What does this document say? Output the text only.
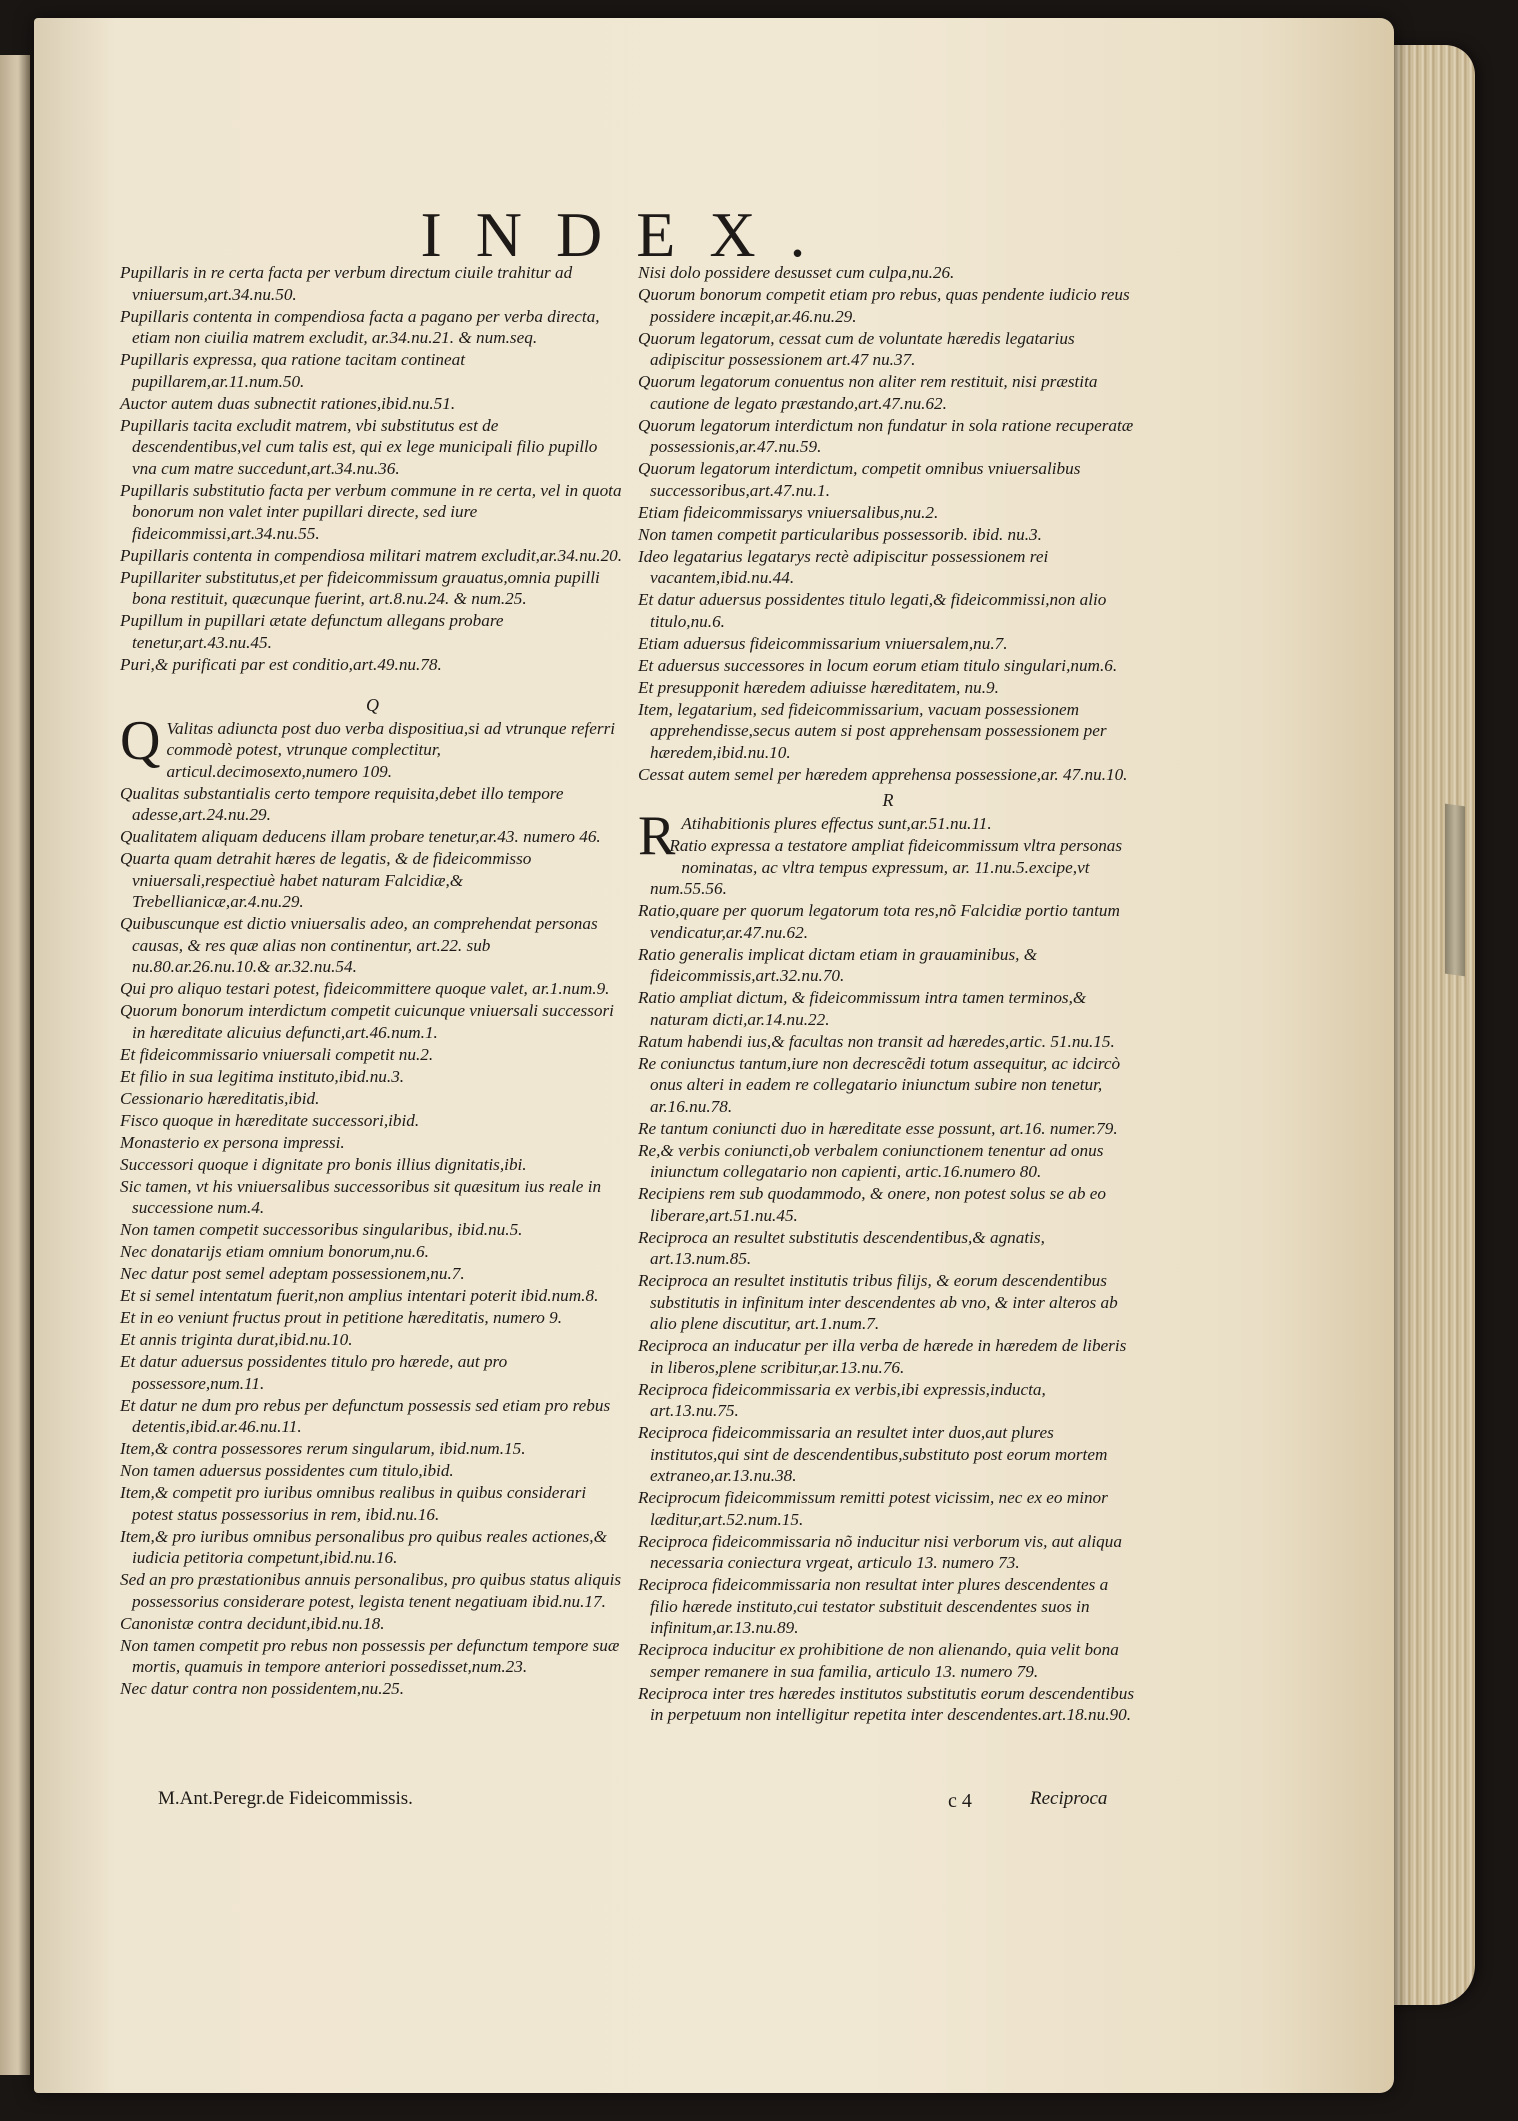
INDEX.

Pupillaris in re certa facta per verbum directum ciuile trahitur ad vniuersum,art.34.nu.50.

Pupillaris contenta in compendiosa facta a pagano per verba directa, etiam non ciuilia matrem excludit, ar.34.nu.21. & num.seq.

Pupillaris expressa, qua ratione tacitam contineat pupillarem,ar.11.num.50.

Auctor autem duas subnectit rationes,ibid.nu.51.

Pupillaris tacita excludit matrem, vbi substitutus est de descendentibus,vel cum talis est, qui ex lege municipali filio pupillo vna cum matre succedunt,art.34.nu.36.

Pupillaris substitutio facta per verbum commune in re certa, vel in quota bonorum non valet inter pupillari directe, sed iure fideicommissi,art.34.nu.55.

Pupillaris contenta in compendiosa militari matrem excludit,ar.34.nu.20.

Pupillariter substitutus,et per fideicommissum grauatus,omnia pupilli bona restituit, quæcunque fuerint, art.8.nu.24. & num.25.

Pupillum in pupillari ætate defunctum allegans probare tenetur,art.43.nu.45.

Puri,& purificati par est conditio,art.49.nu.78.

Q

Q Valitas adiuncta post duo verba dispositiua,si ad vtrunque referri commodè potest, vtrunque complectitur, articul.decimosexto,numero 109.

Qualitas substantialis certo tempore requisita,debet illo tempore adesse,art.24.nu.29.

Qualitatem aliquam deducens illam probare tenetur,ar.43. numero 46.

Quarta quam detrahit hæres de legatis, & de fideicommisso vniuersali,respectiuè habet naturam Falcidiæ,& Trebellianicæ,ar.4.nu.29.

Quibuscunque est dictio vniuersalis adeo, an comprehendat personas causas, & res quæ alias non continentur, art.22. sub nu.80.ar.26.nu.10.& ar.32.nu.54.

Qui pro aliquo testari potest, fideicommittere quoque valet, ar.1.num.9.

Quorum bonorum interdictum competit cuicunque vniuersali successori in hæreditate alicuius defuncti,art.46.num.1.

Et fideicommissario vniuersali competit nu.2.

Et filio in sua legitima instituto,ibid.nu.3.

Cessionario hæreditatis,ibid.

Fisco quoque in hæreditate successori,ibid.

Monasterio ex persona impressi.

Successori quoque i dignitate pro bonis illius dignitatis,ibi.

Sic tamen, vt his vniuersalibus successoribus sit quæsitum ius reale in successione num.4.

Non tamen competit successoribus singularibus, ibid.nu.5.

Nec donatarijs etiam omnium bonorum,nu.6.

Nec datur post semel adeptam possessionem,nu.7.

Et si semel intentatum fuerit,non amplius intentari poterit ibid.num.8.

Et in eo veniunt fructus prout in petitione hæreditatis, numero 9.

Et annis triginta durat,ibid.nu.10.

Et datur aduersus possidentes titulo pro hærede, aut pro possessore,num.11.

Et datur ne dum pro rebus per defunctum possessis sed etiam pro rebus detentis,ibid.ar.46.nu.11.

Item,& contra possessores rerum singularum, ibid.num.15.

Non tamen aduersus possidentes cum titulo,ibid.

Item,& competit pro iuribus omnibus realibus in quibus considerari potest status possessorius in rem, ibid.nu.16.

Item,& pro iuribus omnibus personalibus pro quibus reales actiones,& iudicia petitoria competunt,ibid.nu.16.

Sed an pro præstationibus annuis personalibus, pro quibus status aliquis possessorius considerare potest, legista tenent negatiuam ibid.nu.17.

Canonistæ contra decidunt,ibid.nu.18.

Non tamen competit pro rebus non possessis per defunctum tempore suæ mortis, quamuis in tempore anteriori possedisset,num.23.

Nec datur contra non possidentem,nu.25.

Nisi dolo possidere desusset cum culpa,nu.26.

Quorum bonorum competit etiam pro rebus, quas pendente iudicio reus possidere incæpit,ar.46.nu.29.

Quorum legatorum, cessat cum de voluntate hæredis legatarius adipiscitur possessionem art.47 nu.37.

Quorum legatorum conuentus non aliter rem restituit, nisi præstita cautione de legato præstando,art.47.nu.62.

Quorum legatorum interdictum non fundatur in sola ratione recuperatæ possessionis,ar.47.nu.59.

Quorum legatorum interdictum, competit omnibus vniuersalibus successoribus,art.47.nu.1.

Etiam fideicommissarys vniuersalibus,nu.2.

Non tamen competit particularibus possessorib. ibid. nu.3.

Ideo legatarius legatarys rectè adipiscitur possessionem rei vacantem,ibid.nu.44.

Et datur aduersus possidentes titulo legati,& fideicommissi,non alio titulo,nu.6.

Etiam aduersus fideicommissarium vniuersalem,nu.7.

Et aduersus successores in locum eorum etiam titulo singulari,num.6.

Et presupponit hæredem adiuisse hæreditatem, nu.9.

Item, legatarium, sed fideicommissarium, vacuam possessionem apprehendisse,secus autem si post apprehensam possessionem per hæredem,ibid.nu.10.

Cessat autem semel per hæredem apprehensa possessione,ar. 47.nu.10.

R

R Atihabitionis plures effectus sunt,ar.51.nu.11.

Ratio expressa a testatore ampliat fideicommissum vltra personas nominatas, ac vltra tempus expressum, ar. 11.nu.5.excipe,vt num.55.56.

Ratio,quare per quorum legatorum tota res,nõ Falcidiæ portio tantum vendicatur,ar.47.nu.62.

Ratio generalis implicat dictam etiam in grauaminibus, & fideicommissis,art.32.nu.70.

Ratio ampliat dictum, & fideicommissum intra tamen terminos,& naturam dicti,ar.14.nu.22.

Ratum habendi ius,& facultas non transit ad hæredes,artic. 51.nu.15.

Re coniunctus tantum,iure non decrescẽdi totum assequitur, ac idcircò onus alteri in eadem re collegatario iniunctum subire non tenetur, ar.16.nu.78.

Re tantum coniuncti duo in hæreditate esse possunt, art.16. numer.79.

Re,& verbis coniuncti,ob verbalem coniunctionem tenentur ad onus iniunctum collegatario non capienti, artic.16.numero 80.

Recipiens rem sub quodammodo, & onere, non potest solus se ab eo liberare,art.51.nu.45.

Reciproca an resultet substitutis descendentibus,& agnatis, art.13.num.85.

Reciproca an resultet institutis tribus filijs, & eorum descendentibus substitutis in infinitum inter descendentes ab vno, & inter alteros ab alio plene discutitur, art.1.num.7.

Reciproca an inducatur per illa verba de hærede in hæredem de liberis in liberos,plene scribitur,ar.13.nu.76.

Reciproca fideicommissaria ex verbis,ibi expressis,inducta, art.13.nu.75.

Reciproca fideicommissaria an resultet inter duos,aut plures institutos,qui sint de descendentibus,substituto post eorum mortem extraneo,ar.13.nu.38.

Reciprocum fideicommissum remitti potest vicissim, nec ex eo minor læditur,art.52.num.15.

Reciproca fideicommissaria nõ inducitur nisi verborum vis, aut aliqua necessaria coniectura vrgeat, articulo 13. numero 73.

Reciproca fideicommissaria non resultat inter plures descendentes a filio hærede instituto,cui testator substituit descendentes suos in infinitum,ar.13.nu.89.

Reciproca inducitur ex prohibitione de non alienando, quia velit bona semper remanere in sua familia, articulo 13. numero 79.

Reciproca inter tres hæredes institutos substitutis eorum descendentibus in perpetuum non intelligitur repetita inter descendentes.art.18.nu.90.

M.Ant.Peregr.de Fideicommissis.	c 4	Reciproca
